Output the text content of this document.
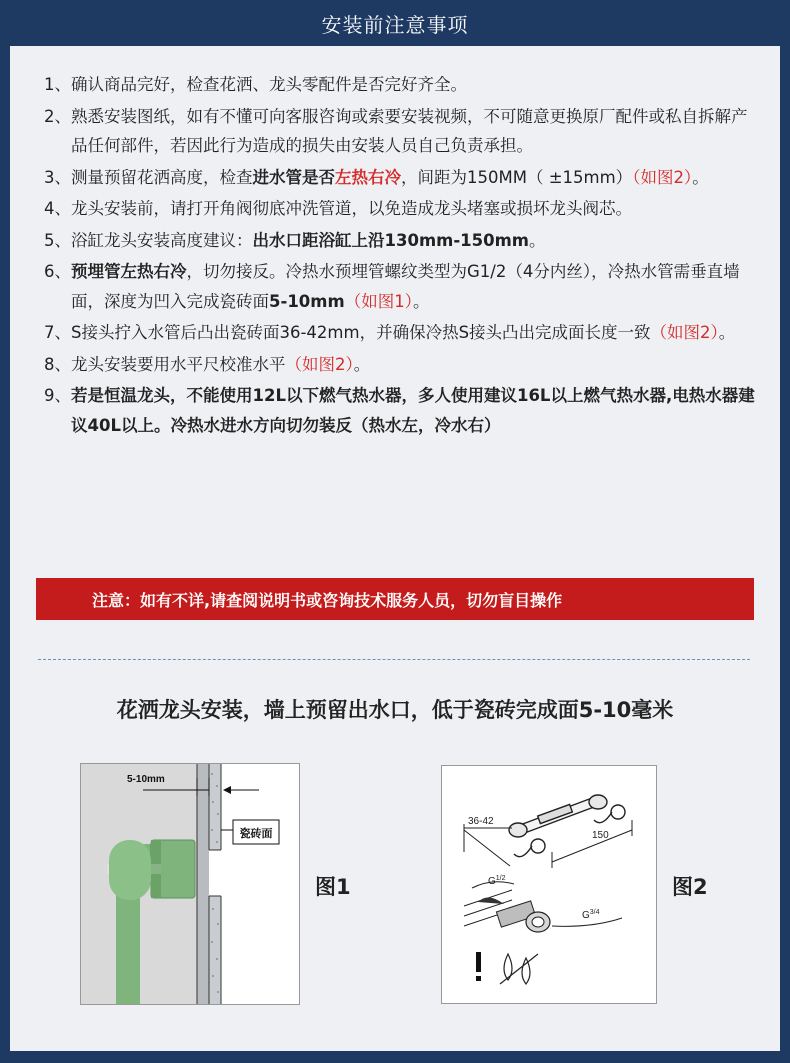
安装前注意事项
1、 确认商品完好，检查花洒、龙头零配件是否完好齐全。
2、 熟悉安装图纸，如有不懂可向客服咨询或索要安装视频，不可随意更换原厂配件或私自拆解产品任何部件，若因此行为造成的损失由安装人员自己负责承担。
3、 测量预留花洒高度，检查进水管是否左热右冷，间距为150MM（ ±15mm）（如图2）。
4、 龙头安装前，请打开角阀彻底冲洗管道，以免造成龙头堵塞或损坏龙头阀芯。
5、 浴缸龙头安装高度建议：出水口距浴缸上沿130mm-150mm。
6、 预埋管左热右冷，切勿接反。冷热水预埋管螺纹类型为G1/2（4分内丝），冷热水管需垂直墙面，深度为凹入完成瓷砖面5-10mm（如图1）。
7、 S接头拧入水管后凸出瓷砖面36-42mm，并确保冷热S接头凸出完成面长度一致（如图2）。
8、 龙头安装要用水平尺校准水平（如图2）。
9、 若是恒温龙头，不能使用12L以下燃气热水器，多人使用建议16L以上燃气热水器,电热水器建议40L以上。冷热水进水方向切勿装反（热水左，冷水右）
注意：如有不详,请查阅说明书或咨询技术服务人员，切勿盲目操作
花洒龙头安装，墙上预留出水口，低于瓷砖完成面5-10毫米
5-10mm
瓷砖面
图1
36-42
150
$G^{1/2}$
$G^{3/4}$
图2
